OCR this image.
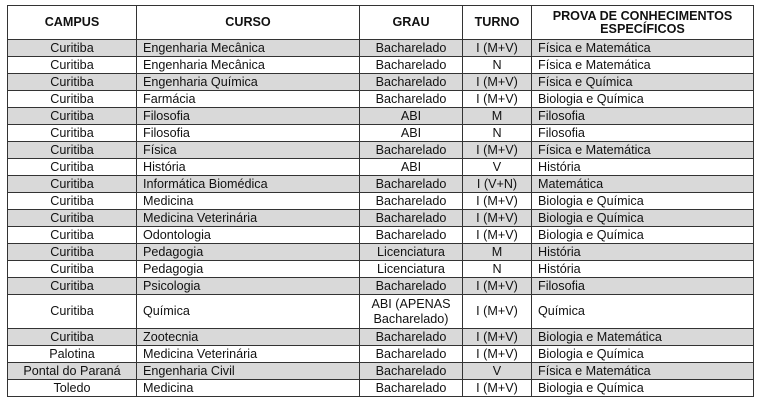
CAMPUS	CURSO	GRAU	TURNO	PROVA DE CONHECIMENTOS ESPECÍFICOS
Curitiba	Engenharia Mecânica	Bacharelado	I (M+V)	Física e Matemática
Curitiba	Engenharia Mecânica	Bacharelado	N	Física e Matemática
Curitiba	Engenharia Química	Bacharelado	I (M+V)	Física e Química
Curitiba	Farmácia	Bacharelado	I (M+V)	Biologia e Química
Curitiba	Filosofia	ABI	M	Filosofia
Curitiba	Filosofia	ABI	N	Filosofia
Curitiba	Física	Bacharelado	I (M+V)	Física e Matemática
Curitiba	História	ABI	V	História
Curitiba	Informática Biomédica	Bacharelado	I (V+N)	Matemática
Curitiba	Medicina	Bacharelado	I (M+V)	Biologia e Química
Curitiba	Medicina Veterinária	Bacharelado	I (M+V)	Biologia e Química
Curitiba	Odontologia	Bacharelado	I (M+V)	Biologia e Química
Curitiba	Pedagogia	Licenciatura	M	História
Curitiba	Pedagogia	Licenciatura	N	História
Curitiba	Psicologia	Bacharelado	I (M+V)	Filosofia
Curitiba	Química	ABI (APENAS Bacharelado)	I (M+V)	Química
Curitiba	Zootecnia	Bacharelado	I (M+V)	Biologia e Matemática
Palotina	Medicina Veterinária	Bacharelado	I (M+V)	Biologia e Química
Pontal do Paraná	Engenharia Civil	Bacharelado	V	Física e Matemática
Toledo	Medicina	Bacharelado	I (M+V)	Biologia e Química
